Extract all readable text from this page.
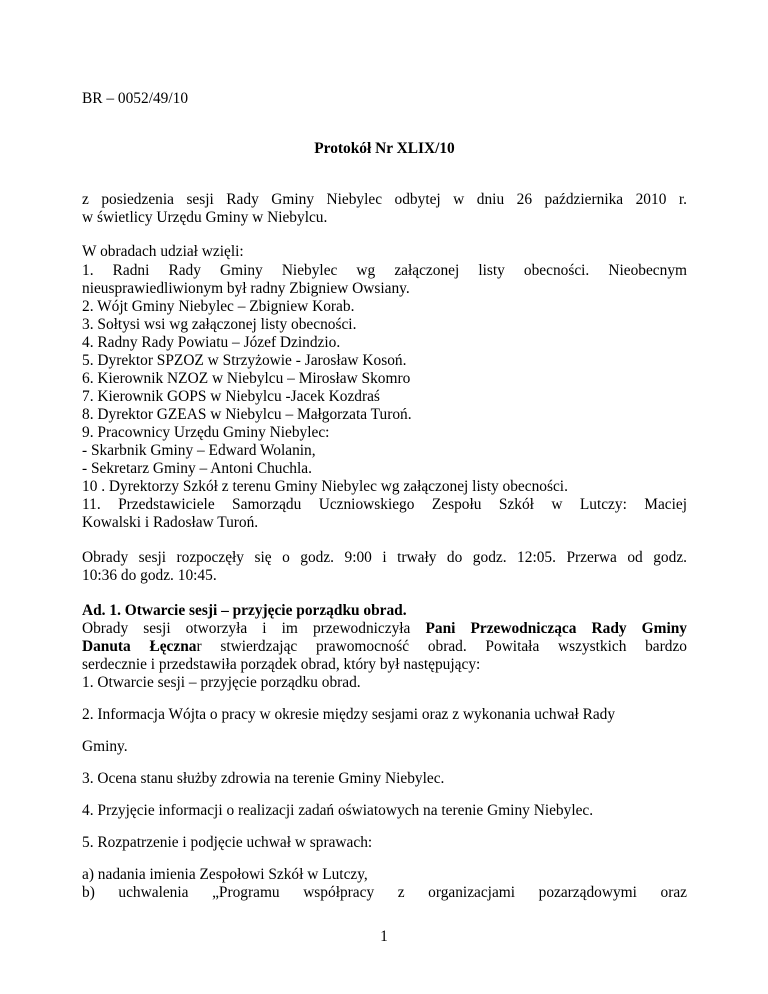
BR – 0052/49/10
Protokół Nr XLIX/10
z posiedzenia sesji Rady Gminy Niebylec odbytej w dniu 26 października 2010 r.
w świetlicy Urzędu Gminy w Niebylcu.
W obradach udział wzięli:
1. Radni Rady Gminy Niebylec wg załączonej listy obecności. Nieobecnym
nieusprawiedliwionym był radny Zbigniew Owsiany.
2. Wójt Gminy Niebylec – Zbigniew Korab.
3. Sołtysi wsi wg załączonej listy obecności.
4. Radny Rady Powiatu – Józef Dzindzio.
5. Dyrektor SPZOZ w Strzyżowie - Jarosław Kosoń.
6. Kierownik NZOZ w Niebylcu – Mirosław Skomro
7. Kierownik GOPS w Niebylcu -Jacek Kozdraś
8. Dyrektor GZEAS w Niebylcu – Małgorzata Turoń.
9. Pracownicy Urzędu Gminy Niebylec:
- Skarbnik Gminy – Edward Wolanin,
- Sekretarz Gminy – Antoni Chuchla.
10 . Dyrektorzy Szkół z terenu Gminy Niebylec wg załączonej listy obecności.
11. Przedstawiciele Samorządu Uczniowskiego Zespołu Szkół w Lutczy: Maciej
Kowalski i Radosław Turoń.
Obrady sesji rozpoczęły się o godz. 9:00 i trwały do godz. 12:05. Przerwa od godz.
10:36 do godz. 10:45.
Ad. 1. Otwarcie sesji – przyjęcie porządku obrad.
Obrady sesji otworzyła i im przewodniczyła Pani Przewodnicząca Rady Gminy
Danuta Łęcznar stwierdzając prawomocność obrad. Powitała wszystkich bardzo
serdecznie i przedstawiła porządek obrad, który był następujący:
1. Otwarcie sesji – przyjęcie porządku obrad.
2. Informacja Wójta o pracy w okresie między sesjami oraz z wykonania uchwał Rady
Gminy.
3. Ocena stanu służby zdrowia na terenie Gminy Niebylec.
4. Przyjęcie informacji o realizacji zadań oświatowych na terenie Gminy Niebylec.
5. Rozpatrzenie i podjęcie uchwał w sprawach:
a) nadania imienia Zespołowi Szkół w Lutczy,
b) uchwalenia „Programu współpracy z organizacjami pozarządowymi oraz
1
